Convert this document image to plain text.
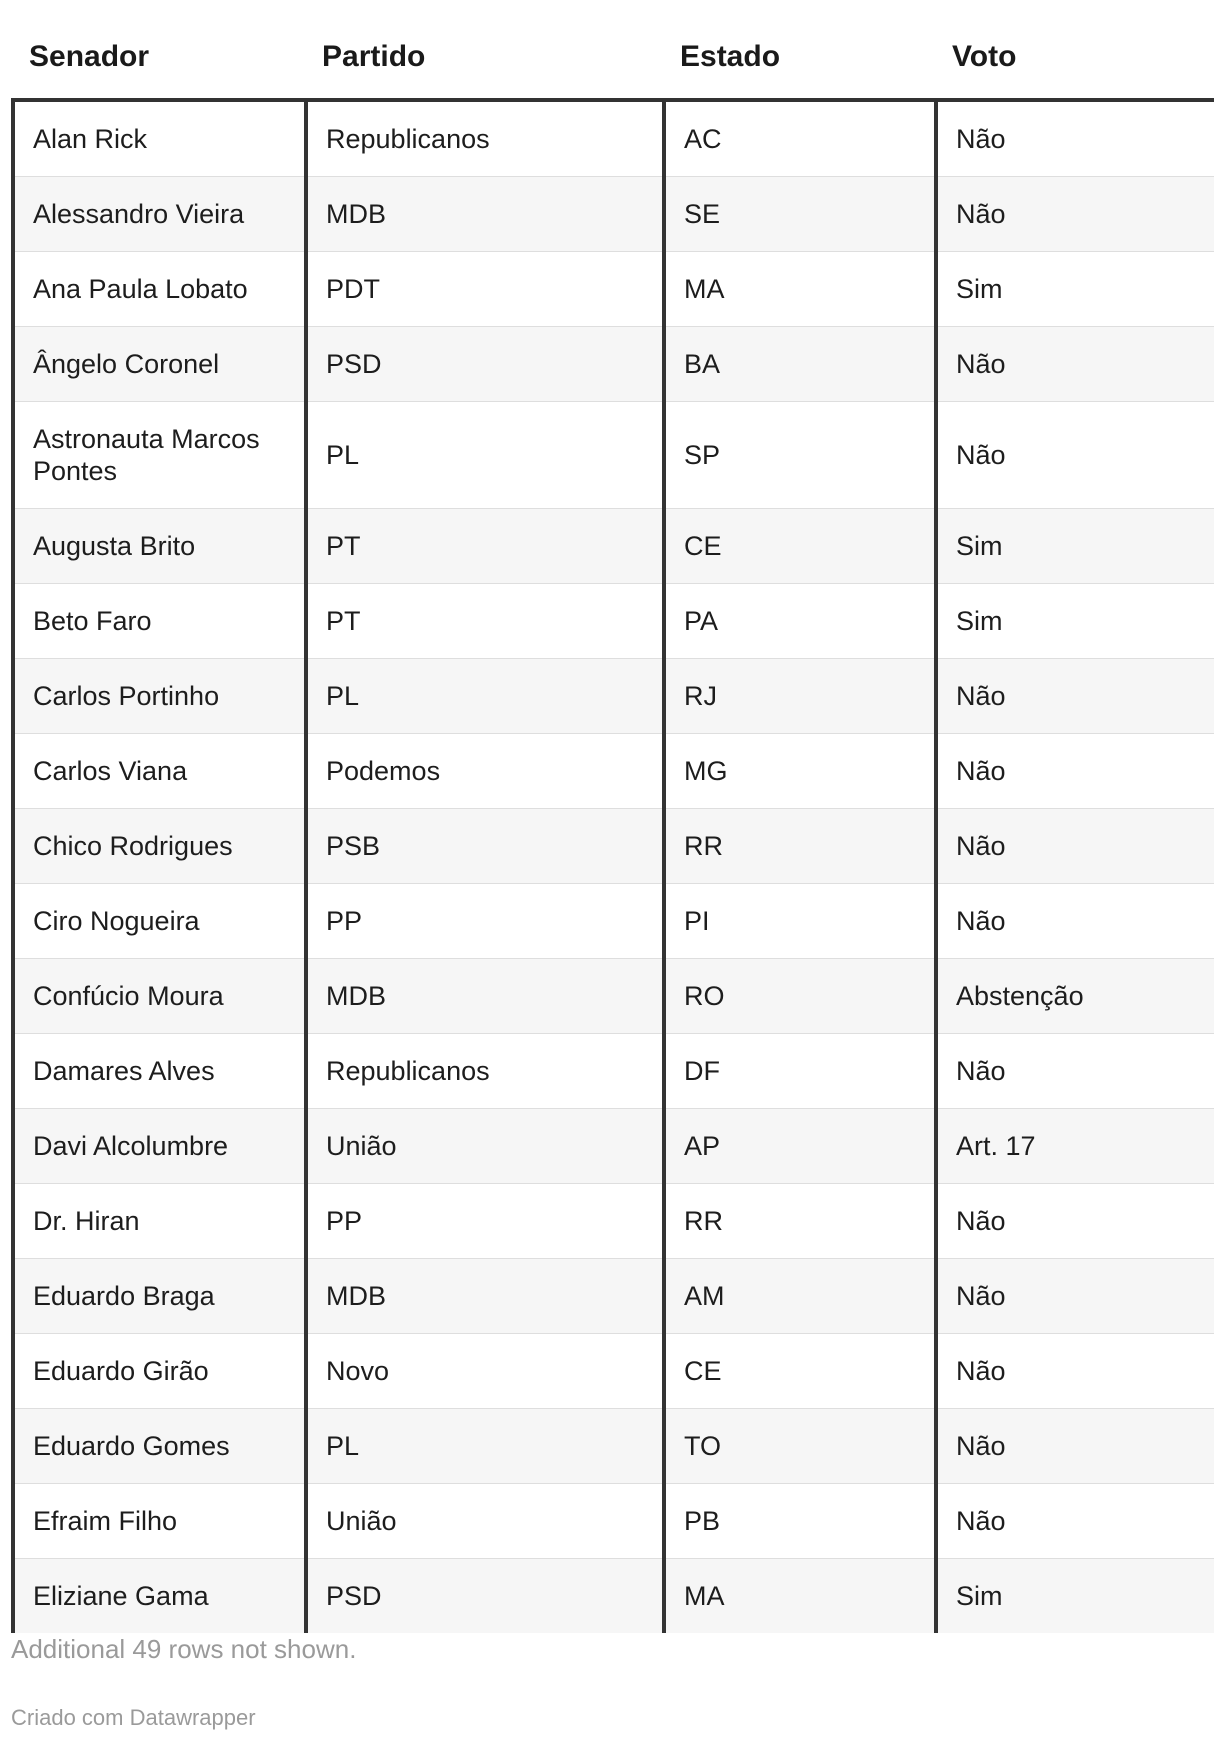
Senador	Partido	Estado	Voto
Alan Rick	Republicanos	AC	Não
Alessandro Vieira	MDB	SE	Não
Ana Paula Lobato	PDT	MA	Sim
Ângelo Coronel	PSD	BA	Não
Astronauta Marcos Pontes	PL	SP	Não
Augusta Brito	PT	CE	Sim
Beto Faro	PT	PA	Sim
Carlos Portinho	PL	RJ	Não
Carlos Viana	Podemos	MG	Não
Chico Rodrigues	PSB	RR	Não
Ciro Nogueira	PP	PI	Não
Confúcio Moura	MDB	RO	Abstenção
Damares Alves	Republicanos	DF	Não
Davi Alcolumbre	União	AP	Art. 17
Dr. Hiran	PP	RR	Não
Eduardo Braga	MDB	AM	Não
Eduardo Girão	Novo	CE	Não
Eduardo Gomes	PL	TO	Não
Efraim Filho	União	PB	Não
Eliziane Gama	PSD	MA	Sim
Additional 49 rows not shown.
Criado com Datawrapper
